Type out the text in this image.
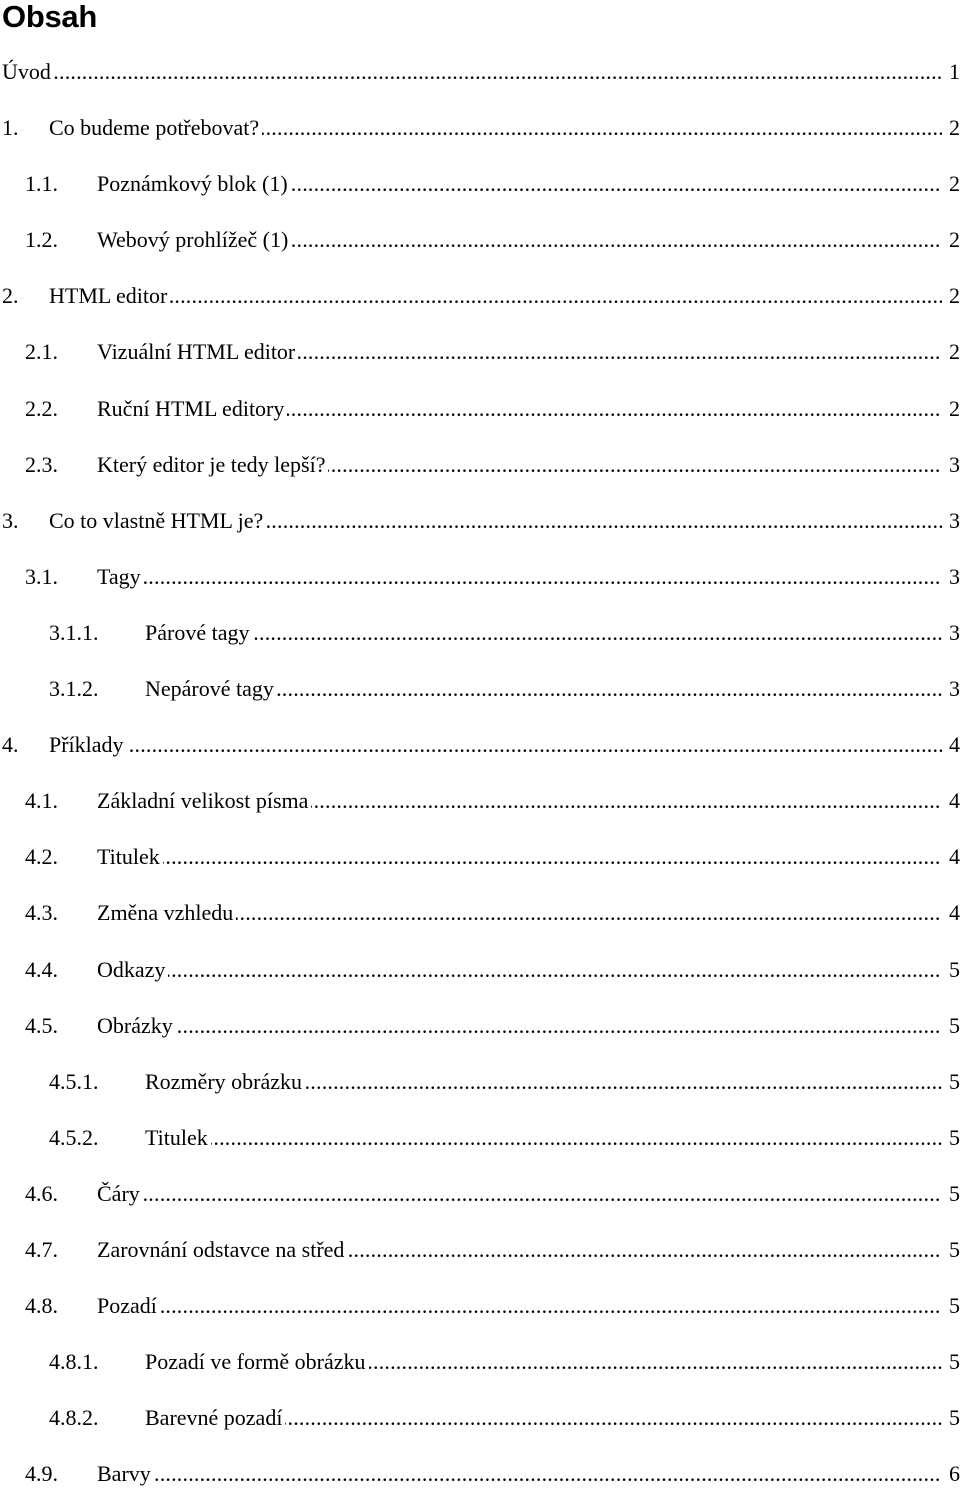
Obsah
.....
Úvod	1
.....
1. Co budeme potřebovat?	2
.....
1.1. Poznámkový blok (1)	2
.....
1.2. Webový prohlížeč (1)	2
.....
2. HTML editor	2
.....
2.1. Vizuální HTML editor	2
.....
2.2. Ruční HTML editory	2
.....
2.3. Který editor je tedy lepší?	3
.....
3. Co to vlastně HTML je?	3
.....
3.1. Tagy	3
.....
3.1.1. Párové tagy	3
.....
3.1.2. Nepárové tagy	3
.....
4. Příklady	4
.....
4.1. Základní velikost písma	4
.....
4.2. Titulek	4
.....
4.3. Změna vzhledu	4
.....
4.4. Odkazy	5
.....
4.5. Obrázky	5
.....
4.5.1. Rozměry obrázku	5
.....
4.5.2. Titulek	5
.....
4.6. Čáry	5
.....
4.7. Zarovnání odstavce na střed	5
.....
4.8. Pozadí	5
.....
4.8.1. Pozadí ve formě obrázku	5
.....
4.8.2. Barevné pozadí	5
.....
4.9. Barvy	6
